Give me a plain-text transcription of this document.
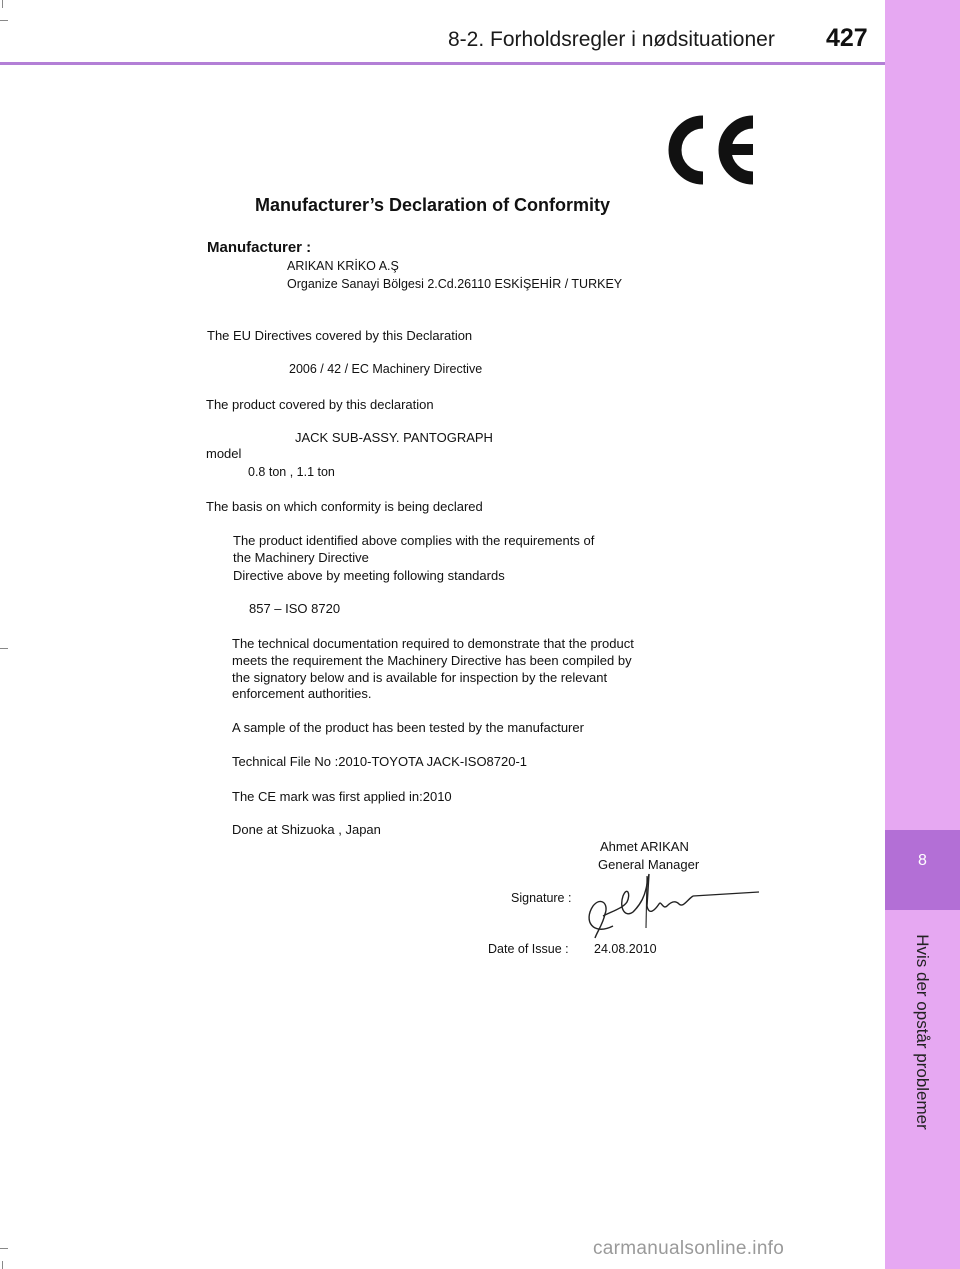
8-2. Forholdsregler i nødsituationer 427
8
Hvis der opstår problemer
Manufacturer’s Declaration of Conformity
Manufacturer :
ARIKAN KRİKO A.Ş
Organize Sanayi Bölgesi 2.Cd.26110 ESKİŞEHİR / TURKEY
The EU Directives covered by this Declaration
2006 / 42 / EC Machinery Directive
The product covered by this declaration
JACK SUB-ASSY. PANTOGRAPH
model
0.8 ton , 1.1 ton
The basis on which conformity is being declared
The product identified above complies with the requirements of
the Machinery Directive
Directive above by meeting following standards
857 – ISO 8720
The technical documentation required to demonstrate that the product
meets the requirement the Machinery Directive has been compiled by
the signatory below and is available for inspection by the relevant
enforcement authorities.
A sample of the product has been tested by the manufacturer
Technical File No :2010-TOYOTA JACK-ISO8720-1
The CE mark was first applied in:2010
Done at Shizuoka , Japan
Ahmet ARIKAN
General Manager
Signature :
Date of Issue : 24.08.2010
carmanualsonline.info
